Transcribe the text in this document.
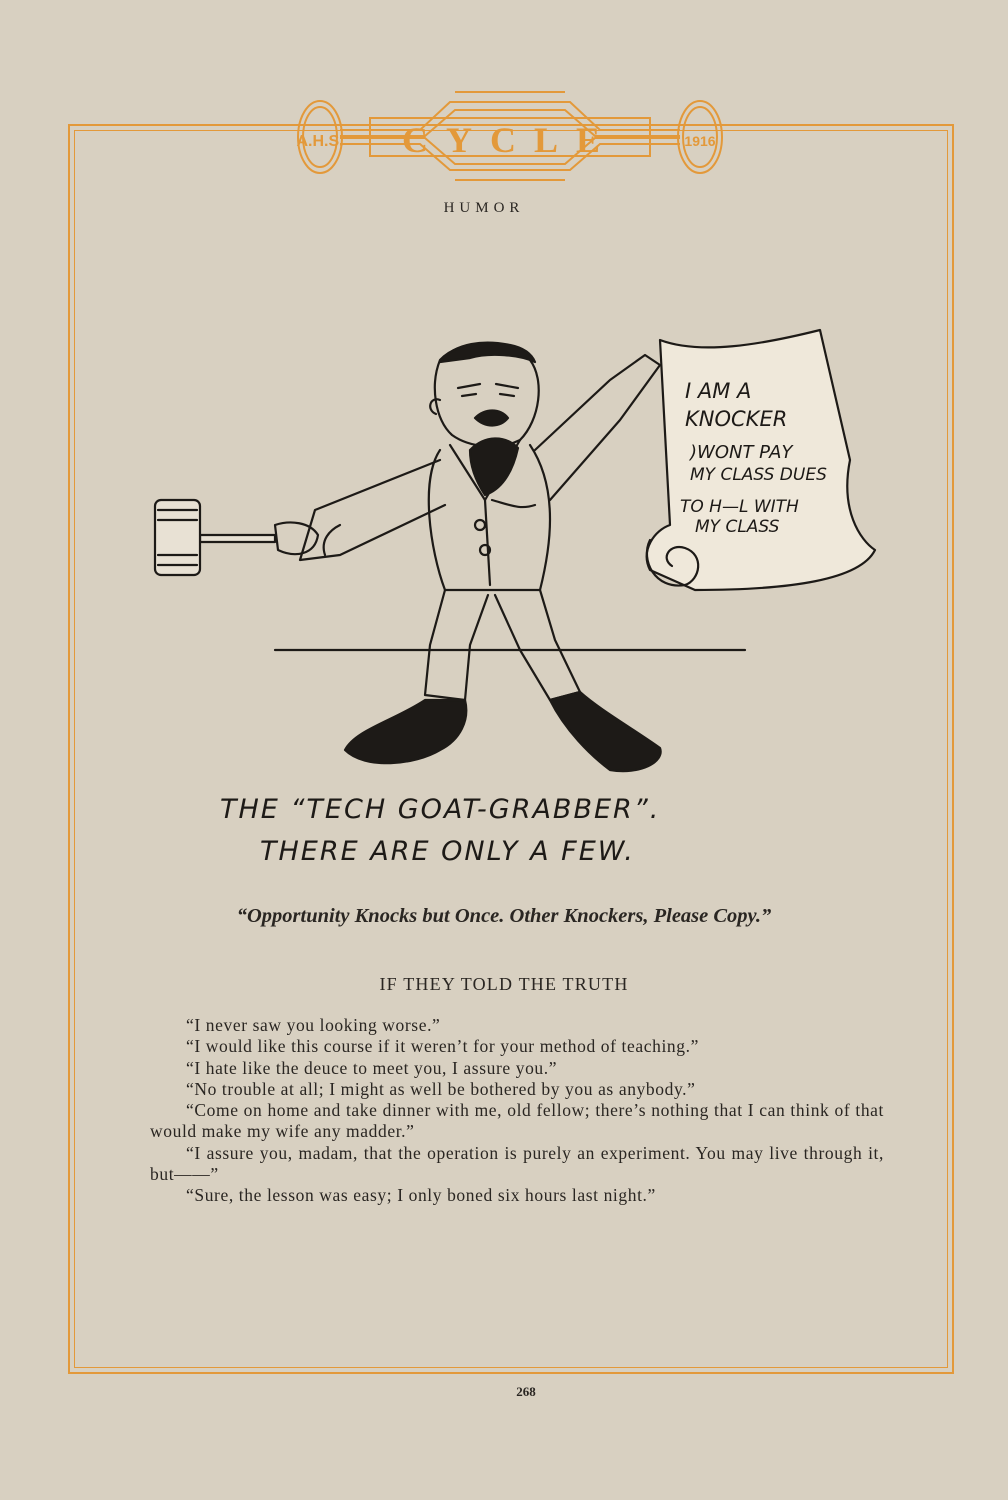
A.H.S.	1916
CYCLE
HUMOR
I AM A
KNOCKER
)WONT PAY
MY CLASS DUES
TO H—L WITH
MY CLASS
THE “TECH GOAT-GRABBER”.
THERE ARE ONLY A FEW.
“Opportunity Knocks but Once. Other Knockers, Please Copy.”
IF THEY TOLD THE TRUTH
“I never saw you looking worse.”
“I would like this course if it weren’t for your method of teaching.”
“I hate like the deuce to meet you, I assure you.”
“No trouble at all; I might as well be bothered by you as anybody.”
“Come on home and take dinner with me, old fellow; there’s nothing that I can think of that would make my wife any madder.”
“I assure you, madam, that the operation is purely an experiment. You may live through it, but——”
“Sure, the lesson was easy; I only boned six hours last night.”
268
